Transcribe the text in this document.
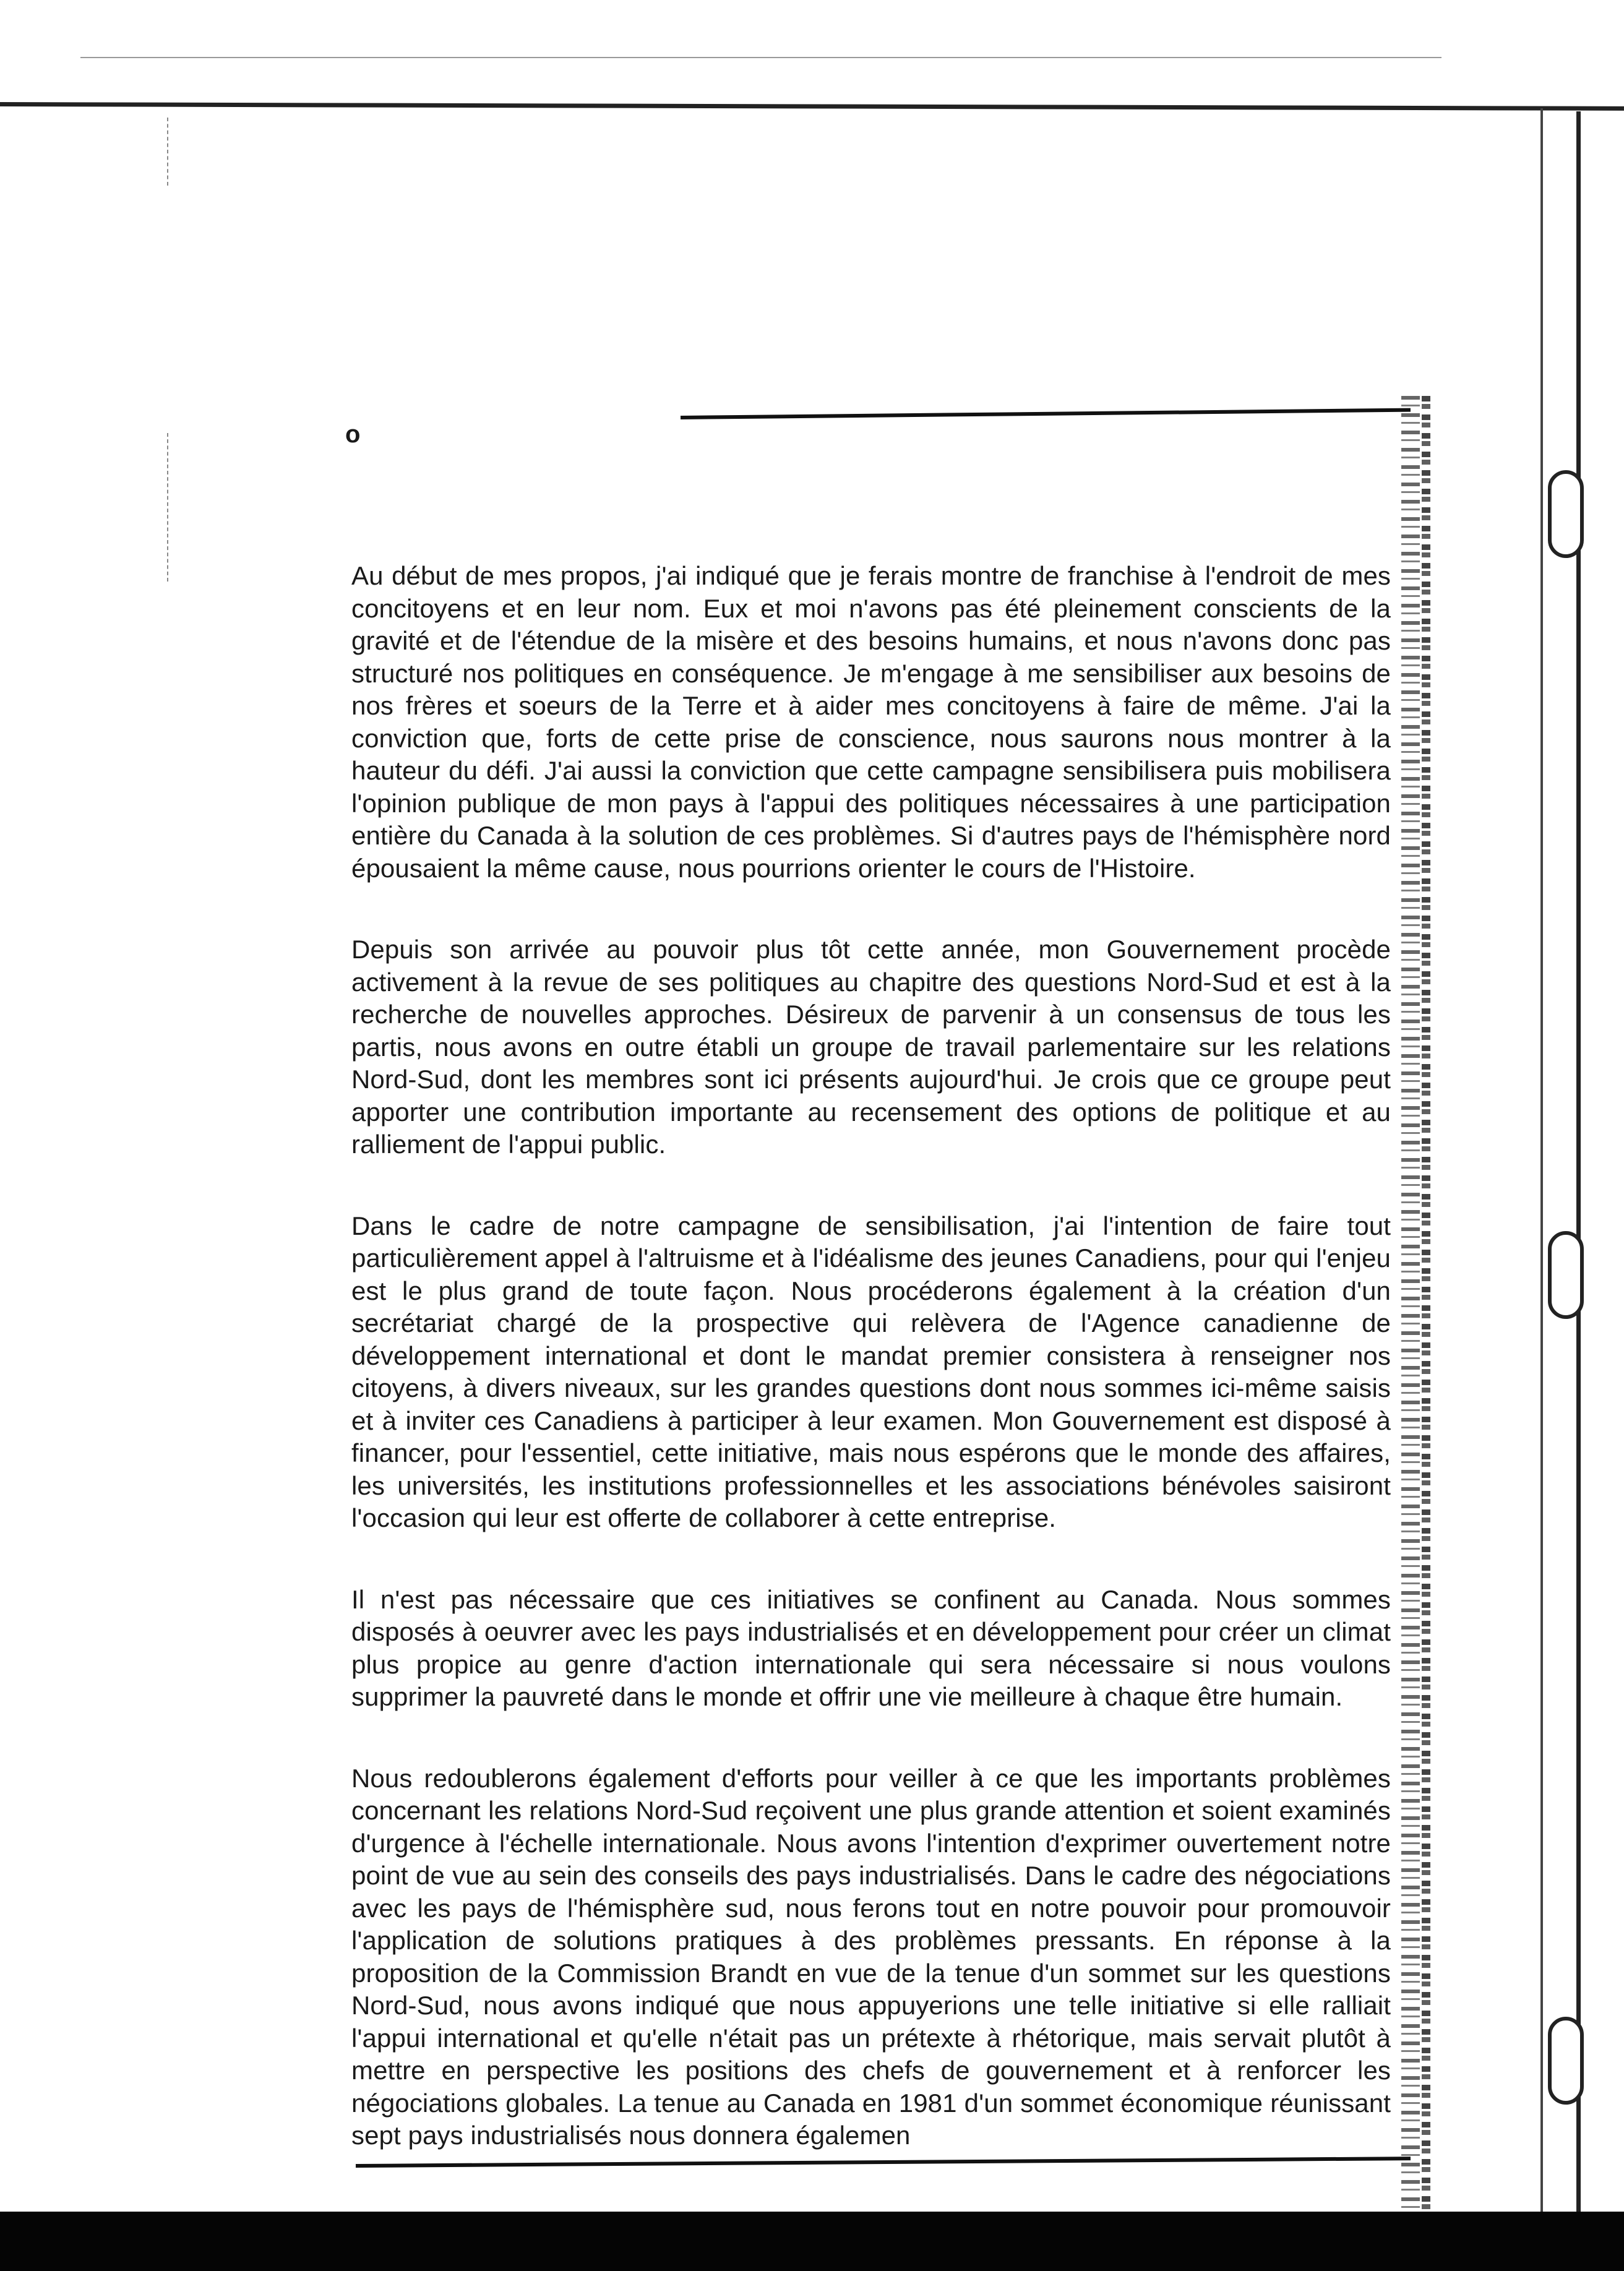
o

Au début de mes propos, j'ai indiqué que je ferais montre de franchise à l'endroit de mes concitoyens et en leur nom. Eux et moi n'avons pas été pleinement conscients de la gravité et de l'étendue de la misère et des besoins humains, et nous n'avons donc pas structuré nos politiques en conséquence. Je m'engage à me sensibiliser aux besoins de nos frères et soeurs de la Terre et à aider mes concitoyens à faire de même. J'ai la conviction que, forts de cette prise de conscience, nous saurons nous montrer à la hauteur du défi. J'ai aussi la conviction que cette campagne sensibilisera puis mobilisera l'opinion publique de mon pays à l'appui des politiques nécessaires à une participation entière du Canada à la solution de ces problèmes. Si d'autres pays de l'hémisphère nord épousaient la même cause, nous pourrions orienter le cours de l'Histoire.

Depuis son arrivée au pouvoir plus tôt cette année, mon Gouvernement procède activement à la revue de ses politiques au chapitre des questions Nord-Sud et est à la recherche de nouvelles approches. Désireux de parvenir à un consensus de tous les partis, nous avons en outre établi un groupe de travail parlementaire sur les relations Nord-Sud, dont les membres sont ici présents aujourd'hui. Je crois que ce groupe peut apporter une contribution importante au recensement des options de politique et au ralliement de l'appui public.

Dans le cadre de notre campagne de sensibilisation, j'ai l'intention de faire tout particulièrement appel à l'altruisme et à l'idéalisme des jeunes Canadiens, pour qui l'enjeu est le plus grand de toute façon. Nous procéderons également à la création d'un secrétariat chargé de la prospective qui relèvera de l'Agence canadienne de développement international et dont le mandat premier consistera à renseigner nos citoyens, à divers niveaux, sur les grandes questions dont nous sommes ici-même saisis et à inviter ces Canadiens à participer à leur examen. Mon Gouvernement est disposé à financer, pour l'essentiel, cette initiative, mais nous espérons que le monde des affaires, les universités, les institutions professionnelles et les associations bénévoles saisiront l'occasion qui leur est offerte de collaborer à cette entreprise.

Il n'est pas nécessaire que ces initiatives se confinent au Canada. Nous sommes disposés à oeuvrer avec les pays industrialisés et en développement pour créer un climat plus propice au genre d'action internationale qui sera nécessaire si nous voulons supprimer la pauvreté dans le monde et offrir une vie meilleure à chaque être humain.

Nous redoublerons également d'efforts pour veiller à ce que les importants problèmes concernant les relations Nord-Sud reçoivent une plus grande attention et soient examinés d'urgence à l'échelle internationale. Nous avons l'intention d'exprimer ouvertement notre point de vue au sein des conseils des pays industrialisés. Dans le cadre des négociations avec les pays de l'hémisphère sud, nous ferons tout en notre pouvoir pour promouvoir l'application de solutions pratiques à des problèmes pressants. En réponse à la proposition de la Commission Brandt en vue de la tenue d'un sommet sur les questions Nord-Sud, nous avons indiqué que nous appuyerions une telle initiative si elle ralliait l'appui international et qu'elle n'était pas un prétexte à rhétorique, mais servait plutôt à mettre en perspective les positions des chefs de gouvernement et à renforcer les négociations globales. La tenue au Canada en 1981 d'un sommet économique réunissant sept pays industrialisés nous donnera égalemen
